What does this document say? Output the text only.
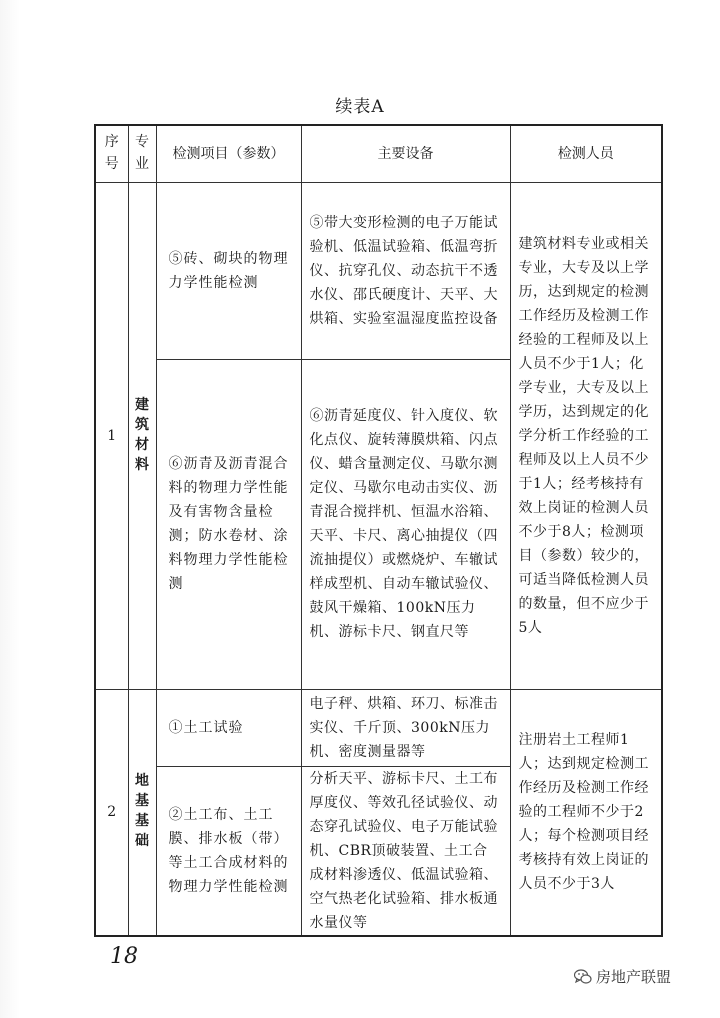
续表A
序号	专业	检测项目（参数）	主要设备	检测人员
1	建筑材料	⑤砖、砌块的物理力学性能检测	⑤带大变形检测的电子万能试验机、低温试验箱、低温弯折仪、抗穿孔仪、动态抗干不透水仪、邵氏硬度计、天平、大烘箱、实验室温湿度监控设备	建筑材料专业或相关专业，大专及以上学历，达到规定的检测工作经历及检测工作经验的工程师及以上人员不少于1人；化学专业，大专及以上学历，达到规定的化学分析工作经验的工程师及以上人员不少于1人；经考核持有效上岗证的检测人员不少于8人；检测项目（参数）较少的，可适当降低检测人员的数量，但不应少于5人
		⑥沥青及沥青混合料的物理力学性能及有害物含量检测；防水卷材、涂料物理力学性能检测	⑥沥青延度仪、针入度仪、软化点仪、旋转薄膜烘箱、闪点仪、蜡含量测定仪、马歇尔测定仪、马歇尔电动击实仪、沥青混合搅拌机、恒温水浴箱、天平、卡尺、离心抽提仪（四流抽提仪）或燃烧炉、车辙试样成型机、自动车辙试验仪、鼓风干燥箱、100kN压力机、游标卡尺、钢直尺等	
2	地基基础	①土工试验	电子秤、烘箱、环刀、标准击实仪、千斤顶、300kN压力机、密度测量器等	注册岩土工程师1人；达到规定检测工作经历及检测工作经验的工程师不少于2人；每个检测项目经考核持有效上岗证的人员不少于3人
		②土工布、土工膜、排水板（带）等土工合成材料的物理力学性能检测	分析天平、游标卡尺、土工布厚度仪、等效孔径试验仪、动态穿孔试验仪、电子万能试验机、CBR顶破装置、土工合成材料渗透仪、低温试验箱、空气热老化试验箱、排水板通水量仪等	
18
房地产联盟
